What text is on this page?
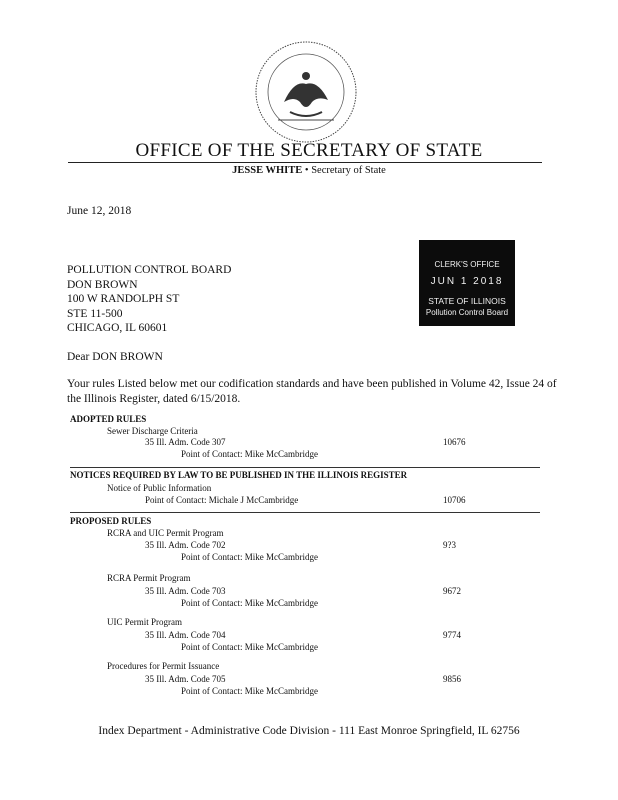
OFFICE OF THE SECRETARY OF STATE
JESSE WHITE • Secretary of State
June 12, 2018
POLLUTION CONTROL BOARD
DON BROWN
100 W RANDOLPH ST
STE 11-500
CHICAGO, IL 60601
CLERK'S OFFICE
JUN 1 2018
STATE OF ILLINOIS
Pollution Control Board
Dear DON BROWN
Your rules Listed below met our codification standards and have been published in Volume 42, Issue 24 of the Illinois Register, dated 6/15/2018.
ADOPTED RULES
Sewer Discharge Criteria
35 Ill. Adm. Code 307	10676
Point of Contact: Mike McCambridge
NOTICES REQUIRED BY LAW TO BE PUBLISHED IN THE ILLINOIS REGISTER
Notice of Public Information
Point of Contact: Michale J McCambridge	10706
PROPOSED RULES
RCRA and UIC Permit Program
35 Ill. Adm. Code 702	9?3
Point of Contact: Mike McCambridge
RCRA Permit Program
35 Ill. Adm. Code 703	9672
Point of Contact: Mike McCambridge
UIC Permit Program
35 Ill. Adm. Code 704	9774
Point of Contact: Mike McCambridge
Procedures for Permit Issuance
35 Ill. Adm. Code 705	9856
Point of Contact: Mike McCambridge
Index Department - Administrative Code Division - 111 East Monroe Springfield, IL 62756
